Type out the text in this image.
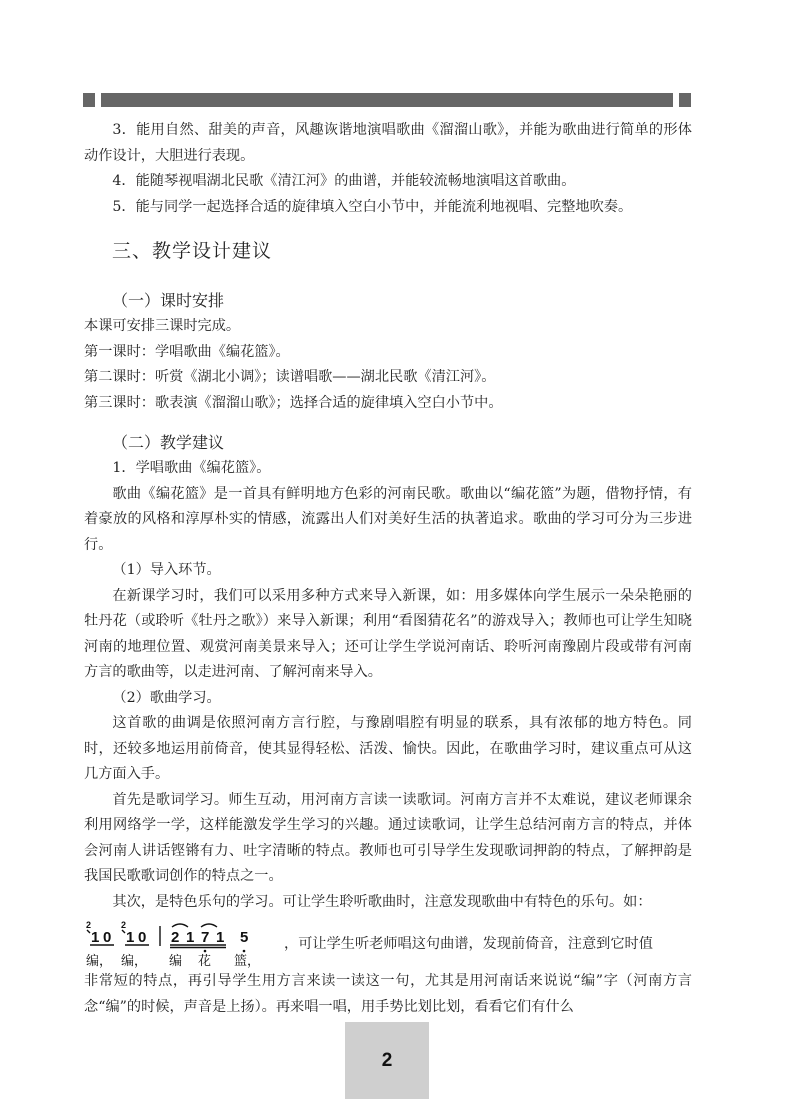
3．能用自然、甜美的声音，风趣诙谐地演唱歌曲《溜溜山歌》，并能为歌曲进行简单的形体动作设计，大胆进行表现。

4．能随琴视唱湖北民歌《清江河》的曲谱，并能较流畅地演唱这首歌曲。

5．能与同学一起选择合适的旋律填入空白小节中，并能流利地视唱、完整地吹奏。

三、教学设计建议
（一）课时安排

本课可安排三课时完成。

第一课时：学唱歌曲《编花篮》。

第二课时：听赏《湖北小调》；读谱唱歌——湖北民歌《清江河》。

第三课时：歌表演《溜溜山歌》；选择合适的旋律填入空白小节中。

（二）教学建议

1．学唱歌曲《编花篮》。

歌曲《编花篮》是一首具有鲜明地方色彩的河南民歌。歌曲以“编花篮”为题，借物抒情，有着豪放的风格和淳厚朴实的情感，流露出人们对美好生活的执著追求。歌曲的学习可分为三步进行。

（1）导入环节。

在新课学习时，我们可以采用多种方式来导入新课，如：用多媒体向学生展示一朵朵艳丽的牡丹花（或聆听《牡丹之歌》）来导入新课；利用“看图猜花名”的游戏导入；教师也可让学生知晓河南的地理位置、观赏河南美景来导入；还可让学生学说河南话、聆听河南豫剧片段或带有河南方言的歌曲等，以走进河南、了解河南来导入。

（2）歌曲学习。

这首歌的曲调是依照河南方言行腔，与豫剧唱腔有明显的联系，具有浓郁的地方特色。同时，还较多地运用前倚音，使其显得轻松、活泼、愉快。因此，在歌曲学习时，建议重点可从这几方面入手。

首先是歌词学习。师生互动，用河南方言读一读歌词。河南方言并不太难说，建议老师课余利用网络学一学，这样能激发学生学习的兴趣。通过读歌词，让学生总结河南方言的特点，并体会河南人讲话铿锵有力、吐字清晰的特点。教师也可引导学生发现歌词押韵的特点，了解押韵是我国民歌歌词创作的特点之一。

其次，是特色乐句的学习。可让学生聆听歌曲时，注意发现歌曲中有特色的乐句。如：

2
1 0
2
1 0 2 1 7 1 5
编， 编， 编 花 篮，
，可让学生听老师唱这句曲谱，发现前倚音，注意到它时值

非常短的特点，再引导学生用方言来读一读这一句，尤其是用河南话来说说“编”字（河南方言念“编”的时候，声音是上扬）。再来唱一唱，用手势比划比划，看看它们有什么

2
